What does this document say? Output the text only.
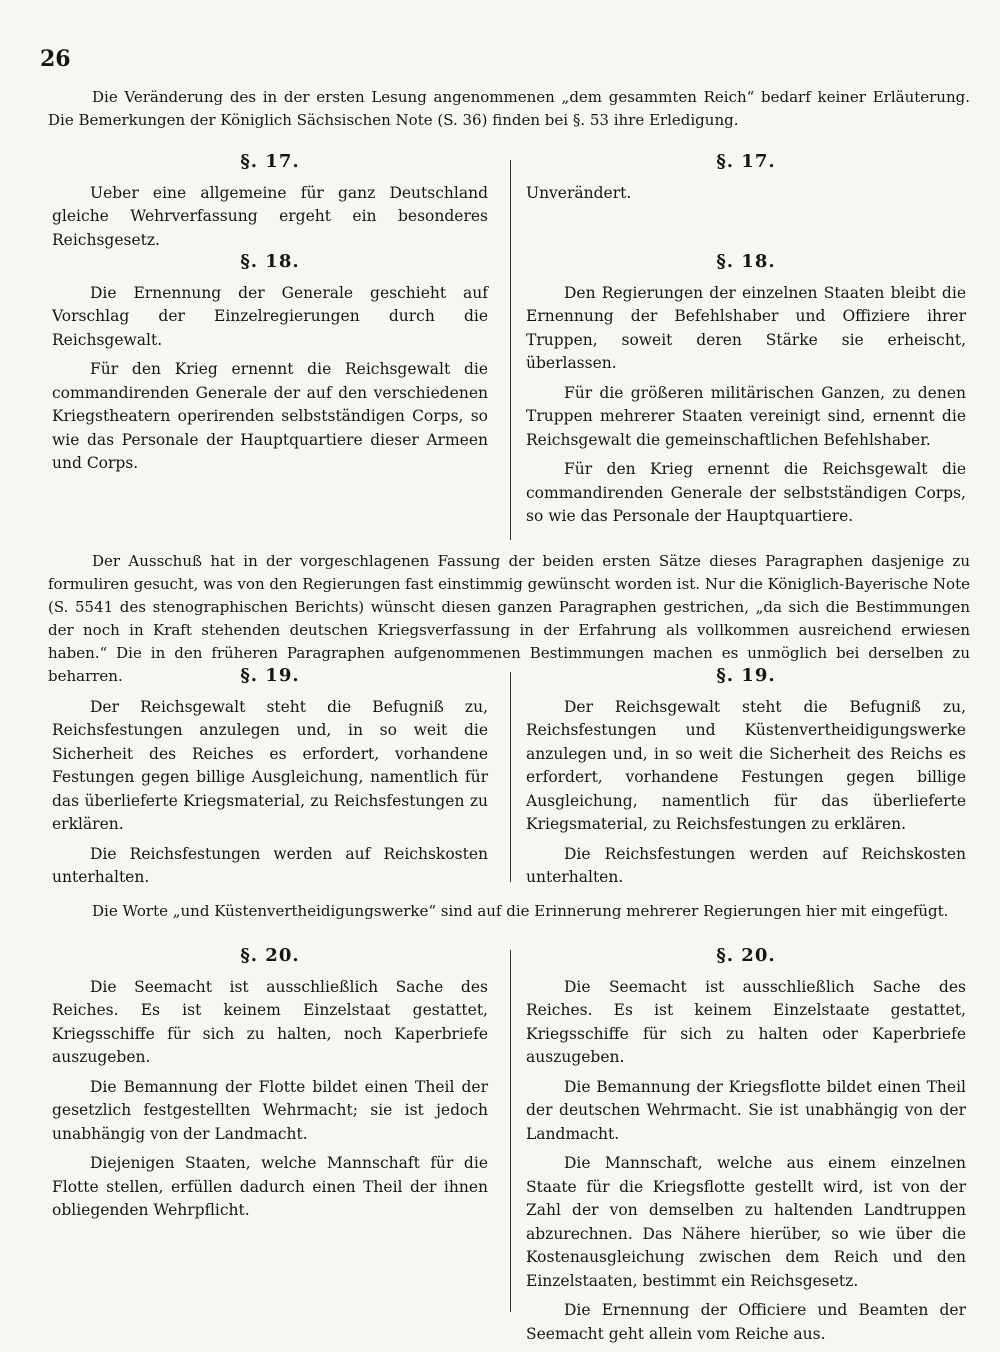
26

Die Veränderung des in der ersten Lesung angenommenen „dem gesammten Reich“ bedarf keiner Erläuterung. Die Bemerkungen der Königlich Sächsischen Note (S. 36) finden bei §. 53 ihre Erledigung.

§. 17.

Ueber eine allgemeine für ganz Deutschland gleiche Wehrverfassung ergeht ein besonderes Reichsgesetz.

§. 17.

Unverändert.

§. 18.

Die Ernennung der Generale geschieht auf Vorschlag der Einzelregierungen durch die Reichsgewalt.

Für den Krieg ernennt die Reichsgewalt die commandirenden Generale der auf den verschiedenen Kriegstheatern operirenden selbstständigen Corps, so wie das Personale der Hauptquartiere dieser Armeen und Corps.

§. 18.

Den Regierungen der einzelnen Staaten bleibt die Ernennung der Befehlshaber und Offiziere ihrer Truppen, soweit deren Stärke sie erheischt, überlassen.

Für die größeren militärischen Ganzen, zu denen Truppen mehrerer Staaten vereinigt sind, ernennt die Reichsgewalt die gemeinschaftlichen Befehlshaber.

Für den Krieg ernennt die Reichsgewalt die commandirenden Generale der selbstständigen Corps, so wie das Personale der Hauptquartiere.

Der Ausschuß hat in der vorgeschlagenen Fassung der beiden ersten Sätze dieses Paragraphen dasjenige zu formuliren gesucht, was von den Regierungen fast einstimmig gewünscht worden ist. Nur die Königlich-Bayerische Note (S. 5541 des stenographischen Berichts) wünscht diesen ganzen Paragraphen gestrichen, „da sich die Bestimmungen der noch in Kraft stehenden deutschen Kriegsverfassung in der Erfahrung als vollkommen ausreichend erwiesen haben.“ Die in den früheren Paragraphen aufgenommenen Bestimmungen machen es unmöglich bei derselben zu beharren.	§. 19.

Der Reichsgewalt steht die Befugniß zu, Reichsfestungen anzulegen und, in so weit die Sicherheit des Reiches es erfordert, vorhandene Festungen gegen billige Ausgleichung, namentlich für das überlieferte Kriegsmaterial, zu Reichsfestungen zu erklären.

Die Reichsfestungen werden auf Reichskosten unterhalten.

§. 19.

Der Reichsgewalt steht die Befugniß zu, Reichsfestungen und Küstenvertheidigungswerke anzulegen und, in so weit die Sicherheit des Reichs es erfordert, vorhandene Festungen gegen billige Ausgleichung, namentlich für das überlieferte Kriegsmaterial, zu Reichsfestungen zu erklären.

Die Reichsfestungen werden auf Reichskosten unterhalten.

Die Worte „und Küstenvertheidigungswerke“ sind auf die Erinnerung mehrerer Regierungen hier mit eingefügt.

§. 20.

Die Seemacht ist ausschließlich Sache des Reiches. Es ist keinem Einzelstaat gestattet, Kriegsschiffe für sich zu halten, noch Kaperbriefe auszugeben.

Die Bemannung der Flotte bildet einen Theil der gesetzlich festgestellten Wehrmacht; sie ist jedoch unabhängig von der Landmacht.

Diejenigen Staaten, welche Mannschaft für die Flotte stellen, erfüllen dadurch einen Theil der ihnen obliegenden Wehrpflicht.

§. 20.

Die Seemacht ist ausschließlich Sache des Reiches. Es ist keinem Einzelstaate gestattet, Kriegsschiffe für sich zu halten oder Kaperbriefe auszugeben.

Die Bemannung der Kriegsflotte bildet einen Theil der deutschen Wehrmacht. Sie ist unabhängig von der Landmacht.

Die Mannschaft, welche aus einem einzelnen Staate für die Kriegsflotte gestellt wird, ist von der Zahl der von demselben zu haltenden Landtruppen abzurechnen. Das Nähere hierüber, so wie über die Kostenausgleichung zwischen dem Reich und den Einzelstaaten, bestimmt ein Reichsgesetz.

Die Ernennung der Officiere und Beamten der Seemacht geht allein vom Reiche aus.
